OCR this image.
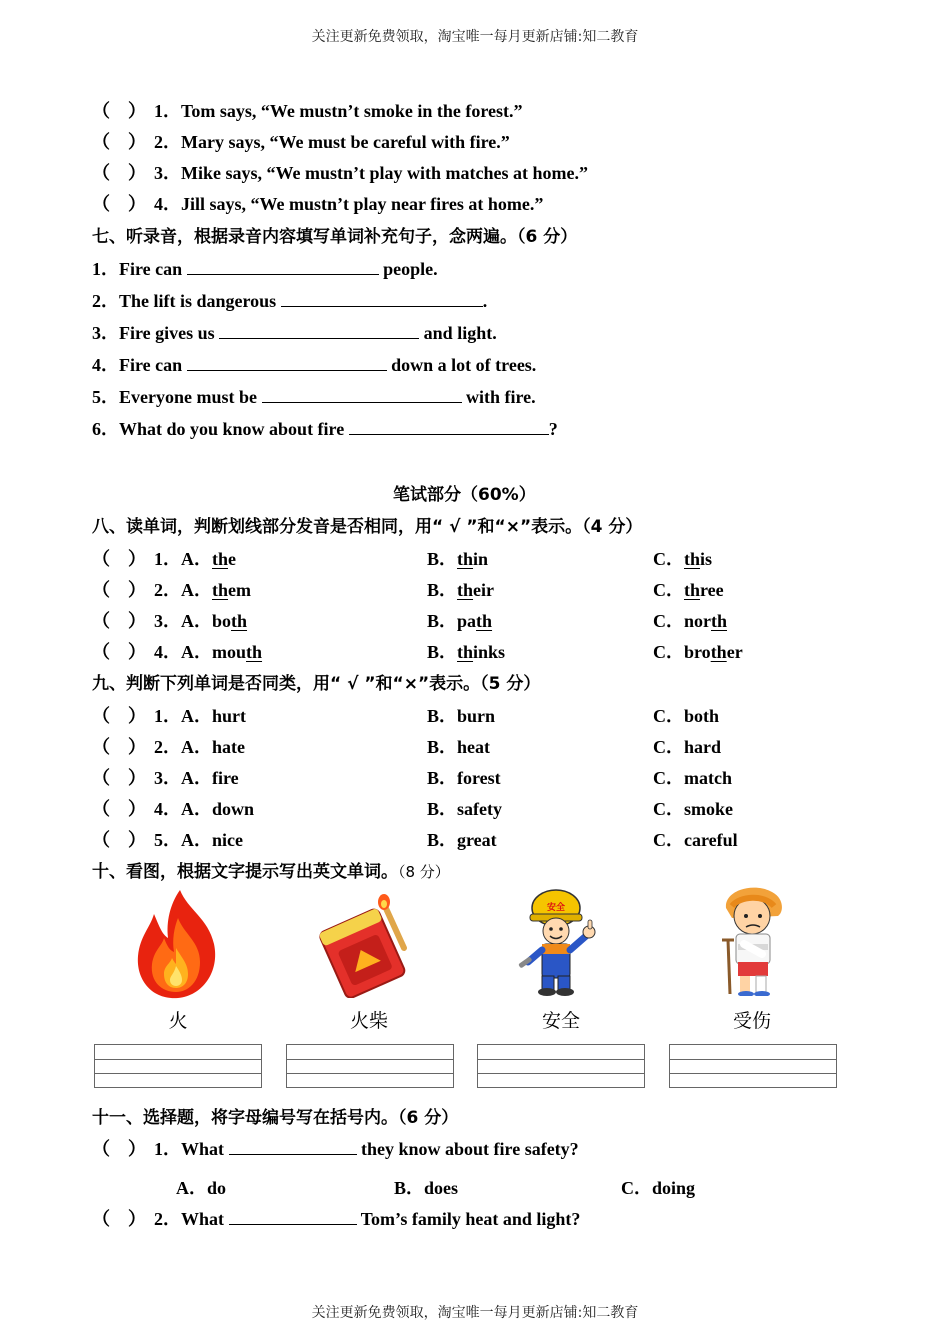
关注更新免费领取，淘宝唯一每月更新店铺:知二教育
（　） 1．Tom says, “We mustn’t smoke in the forest.”
（　） 2．Mary says, “We must be careful with fire.”
（　） 3．Mike says, “We mustn’t play with matches at home.”
（　） 4．Jill says, “We mustn’t play near fires at home.”
七、听录音，根据录音内容填写单词补充句子，念两遍。（6 分）
1．Fire can	people.
2．The lift is dangerous	.
3．Fire gives us	and light.
4．Fire can	down a lot of trees.
5．Everyone must be	with fire.
6．What do you know about fire	?
笔试部分（60%）
八、读单词，判断划线部分发音是否相同，用“ √ ”和“×”表示。（4 分）
（　） 1．A．the	B．thin	C．this
（　） 2．A．them	B．their	C．three
（　） 3．A．both	B．path	C．north
（　） 4．A．mouth	B．thinks	C．brother
九、判断下列单词是否同类，用“ √ ”和“×”表示。（5 分）
（　） 1．A．hurt	B．burn	C．both
（　） 2．A．hate	B．heat	C．hard
（　） 3．A．fire	B．forest	C．match
（　） 4．A．down	B．safety	C．smoke
（　） 5．A．nice	B．great	C．careful
十、看图，根据文字提示写出英文单词。（8 分）
安全
火	火柴	安全	受伤
十一、选择题，将字母编号写在括号内。（6 分）
（　） 1．What	they know about fire safety?
A．do	B．does	C．doing
（　） 2．What	Tom’s family heat and light?
关注更新免费领取，淘宝唯一每月更新店铺:知二教育
